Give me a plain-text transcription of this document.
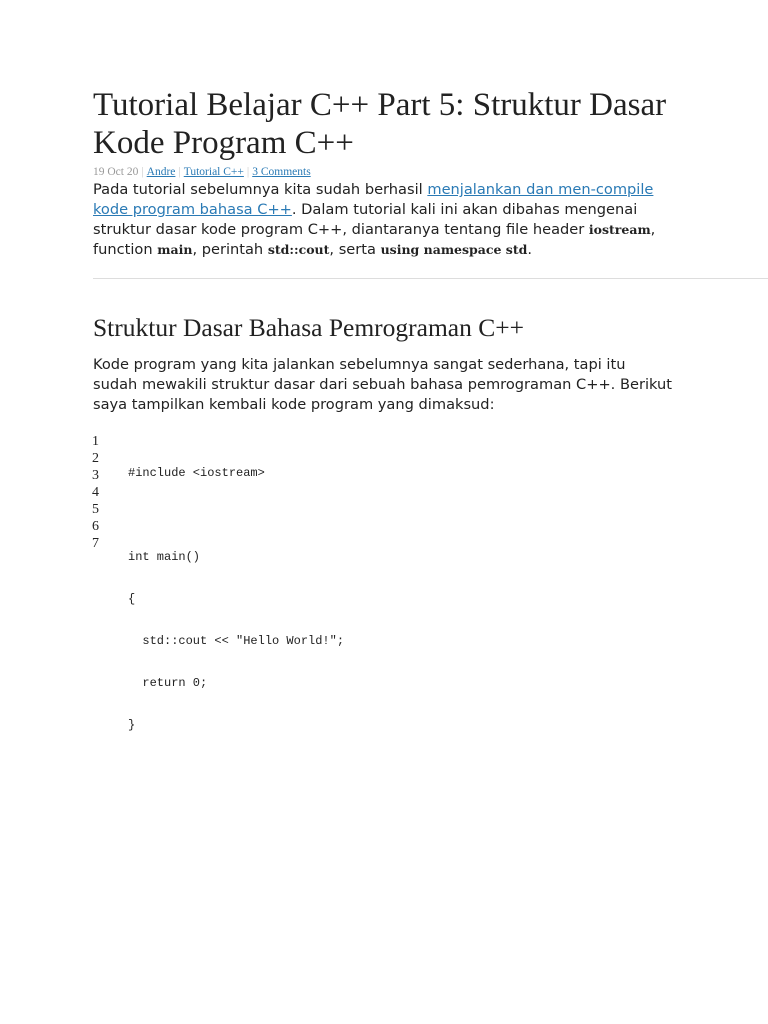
Tutorial Belajar C++ Part 5: Struktur Dasar Kode Program C++
19 Oct 20 | Andre | Tutorial C++ | 3 Comments

Pada tutorial sebelumnya kita sudah berhasil menjalankan dan men-compile kode program bahasa C++. Dalam tutorial kali ini akan dibahas mengenai struktur dasar kode program C++, diantaranya tentang file header iostream, function main, perintah std::cout, serta using namespace std.

Struktur Dasar Bahasa Pemrograman C++

Kode program yang kita jalankan sebelumnya sangat sederhana, tapi itu sudah mewakili struktur dasar dari sebuah bahasa pemrograman C++. Berikut saya tampilkan kembali kode program yang dimaksud:

1
2
3
4
5
6
7

#include <iostream>

int main()

{

std::cout << "Hello World!";

return 0;

}
